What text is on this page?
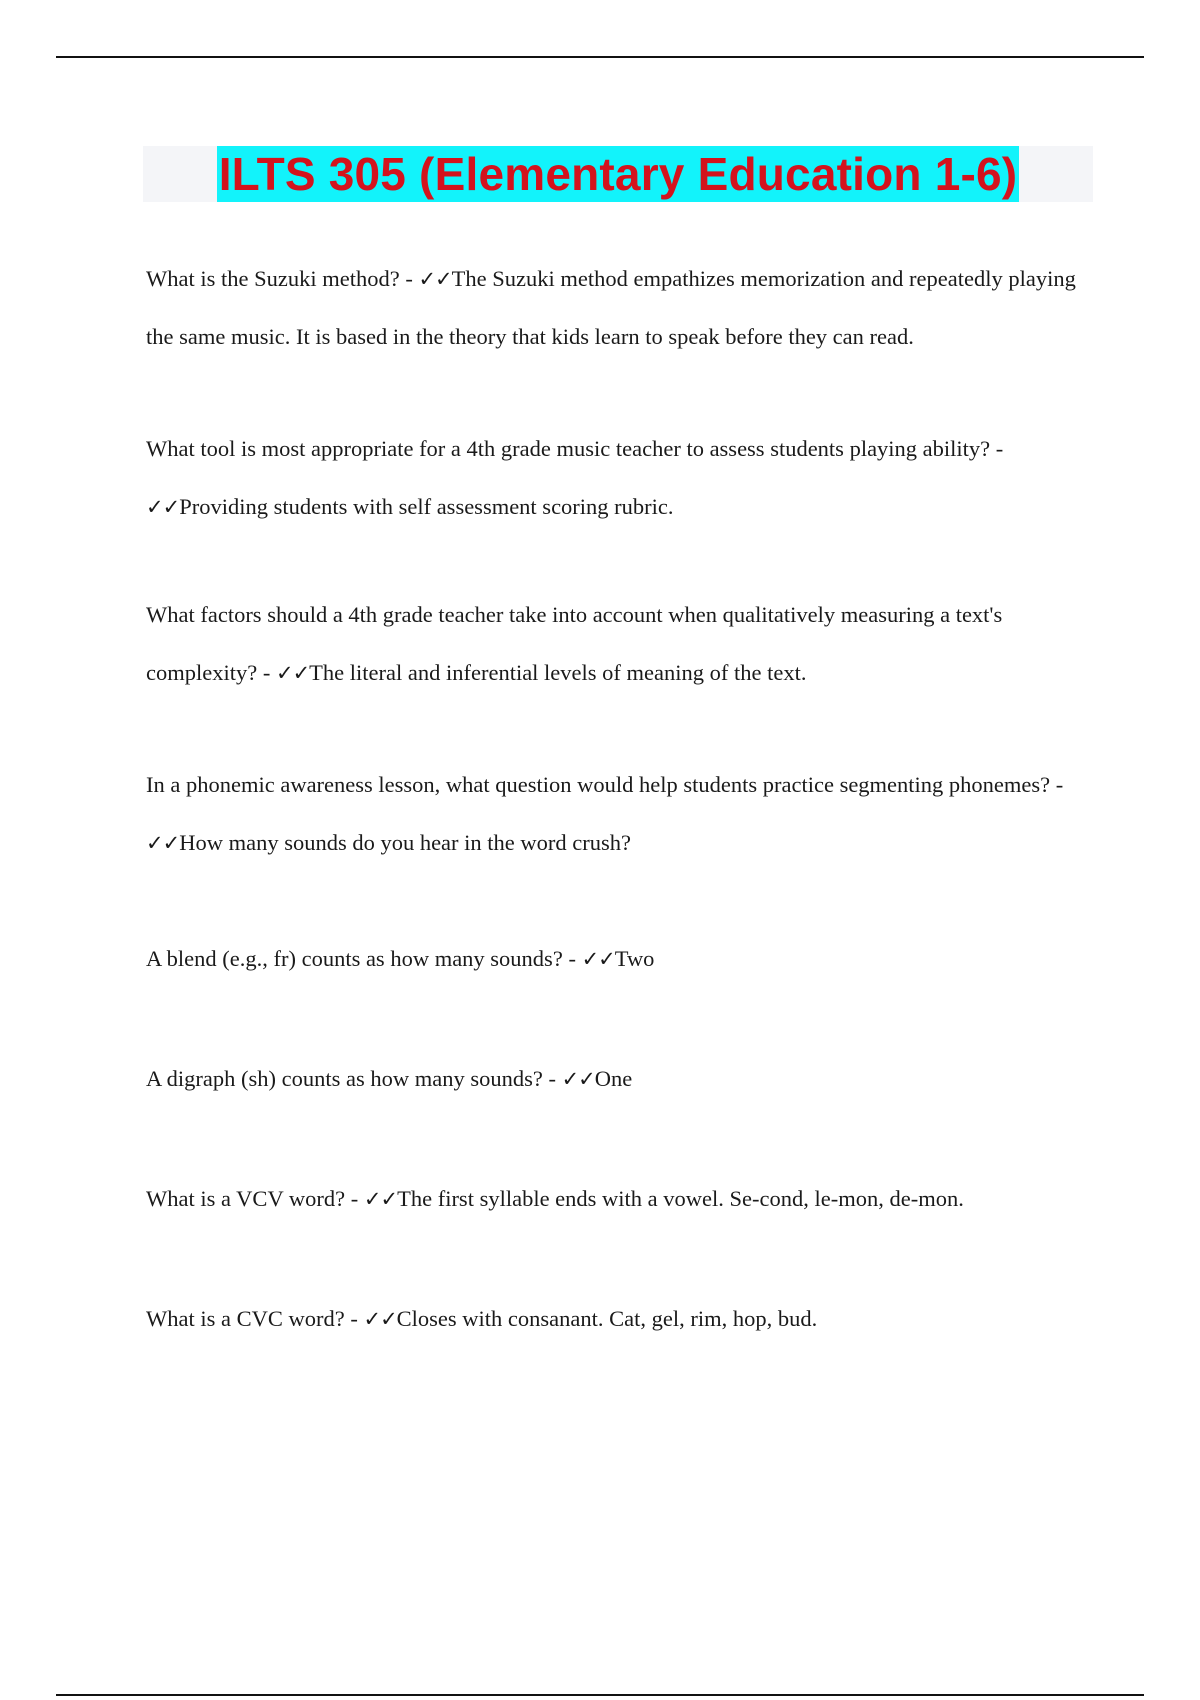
ILTS 305 (Elementary Education 1-6)

What is the Suzuki method? - ✓✓The Suzuki method empathizes memorization and repeatedly playing the same music. It is based in the theory that kids learn to speak before they can read.

What tool is most appropriate for a 4th grade music teacher to assess students playing ability? - ✓✓Providing students with self assessment scoring rubric.

What factors should a 4th grade teacher take into account when qualitatively measuring a text's complexity? - ✓✓The literal and inferential levels of meaning of the text.

In a phonemic awareness lesson, what question would help students practice segmenting phonemes? - ✓✓How many sounds do you hear in the word crush?

A blend (e.g., fr) counts as how many sounds? - ✓✓Two

A digraph (sh) counts as how many sounds? - ✓✓One

What is a VCV word? - ✓✓The first syllable ends with a vowel. Se-cond, le-mon, de-mon.

What is a CVC word? - ✓✓Closes with consanant. Cat, gel, rim, hop, bud.
